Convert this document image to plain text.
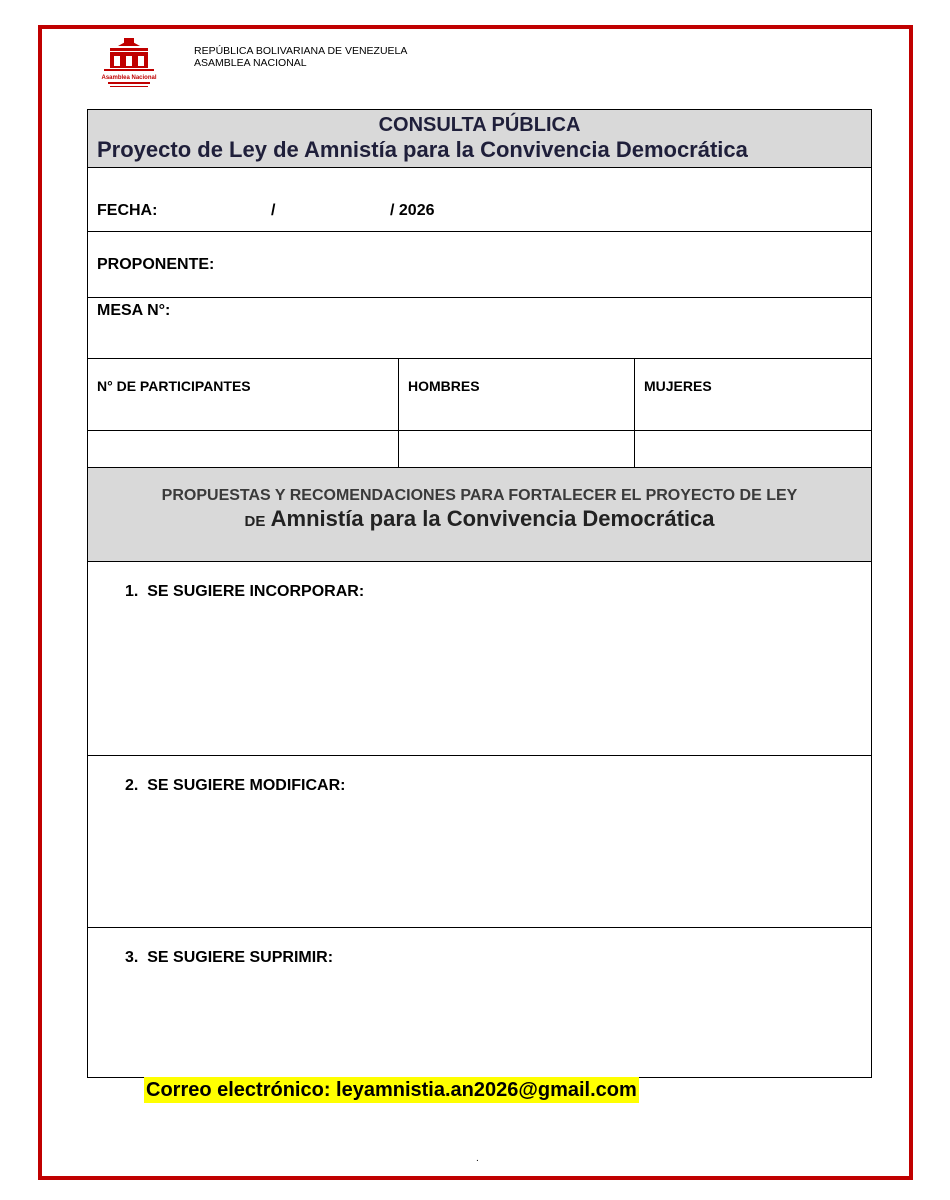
Asamblea Nacional
REPÚBLICA BOLIVARIANA DE VENEZUELA
ASAMBLEA NACIONAL
CONSULTA PÚBLICA
Proyecto de Ley de Amnistía para la Convivencia Democrática		

FECHA: / / 2026		
PROPONENTE:		
MESA N°:		
N° DE PARTICIPANTES	HOMBRES	MUJERES

PROPUESTAS Y RECOMENDACIONES PARA FORTALECER EL PROYECTO DE LEY
DE Amnistía para la Convivencia Democrática		

1.  SE SUGIERE INCORPORAR:		
2.  SE SUGIERE MODIFICAR:		
3.  SE SUGIERE SUPRIMIR:		
Correo electrónico: leyamnistia.an2026@gmail.com
.
